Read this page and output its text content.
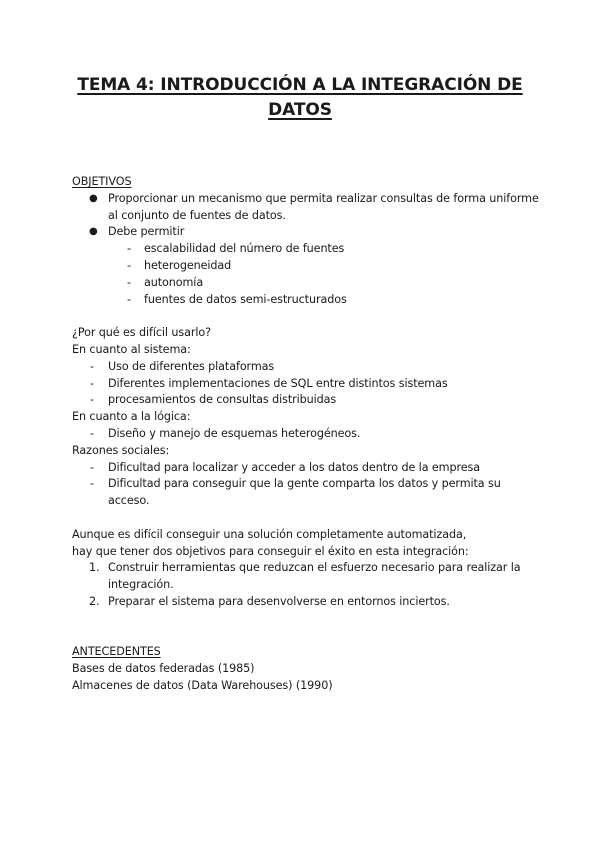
TEMA 4: INTRODUCCIÓN A LA INTEGRACIÓN DE
DATOS
OBJETIVOS
● Proporcionar un mecanismo que permita realizar consultas de forma uniforme al conjunto de fuentes de datos.
● Debe permitir
- escalabilidad del número de fuentes
- heterogeneidad
- autonomía
- fuentes de datos semi-estructurados
¿Por qué es difícil usarlo?
En cuanto al sistema:
- Uso de diferentes plataformas
- Diferentes implementaciones de SQL entre distintos sistemas
- procesamientos de consultas distribuidas
En cuanto a la lógica:
- Diseño y manejo de esquemas heterogéneos.
Razones sociales:
- Dificultad para localizar y acceder a los datos dentro de la empresa
- Dificultad para conseguir que la gente comparta los datos y permita su acceso.
Aunque es difícil conseguir una solución completamente automatizada,
hay que tener dos objetivos para conseguir el éxito en esta integración:
1. Construir herramientas que reduzcan el esfuerzo necesario para realizar la integración.
2. Preparar el sistema para desenvolverse en entornos inciertos.
ANTECEDENTES
Bases de datos federadas (1985)
Almacenes de datos (Data Warehouses) (1990)
